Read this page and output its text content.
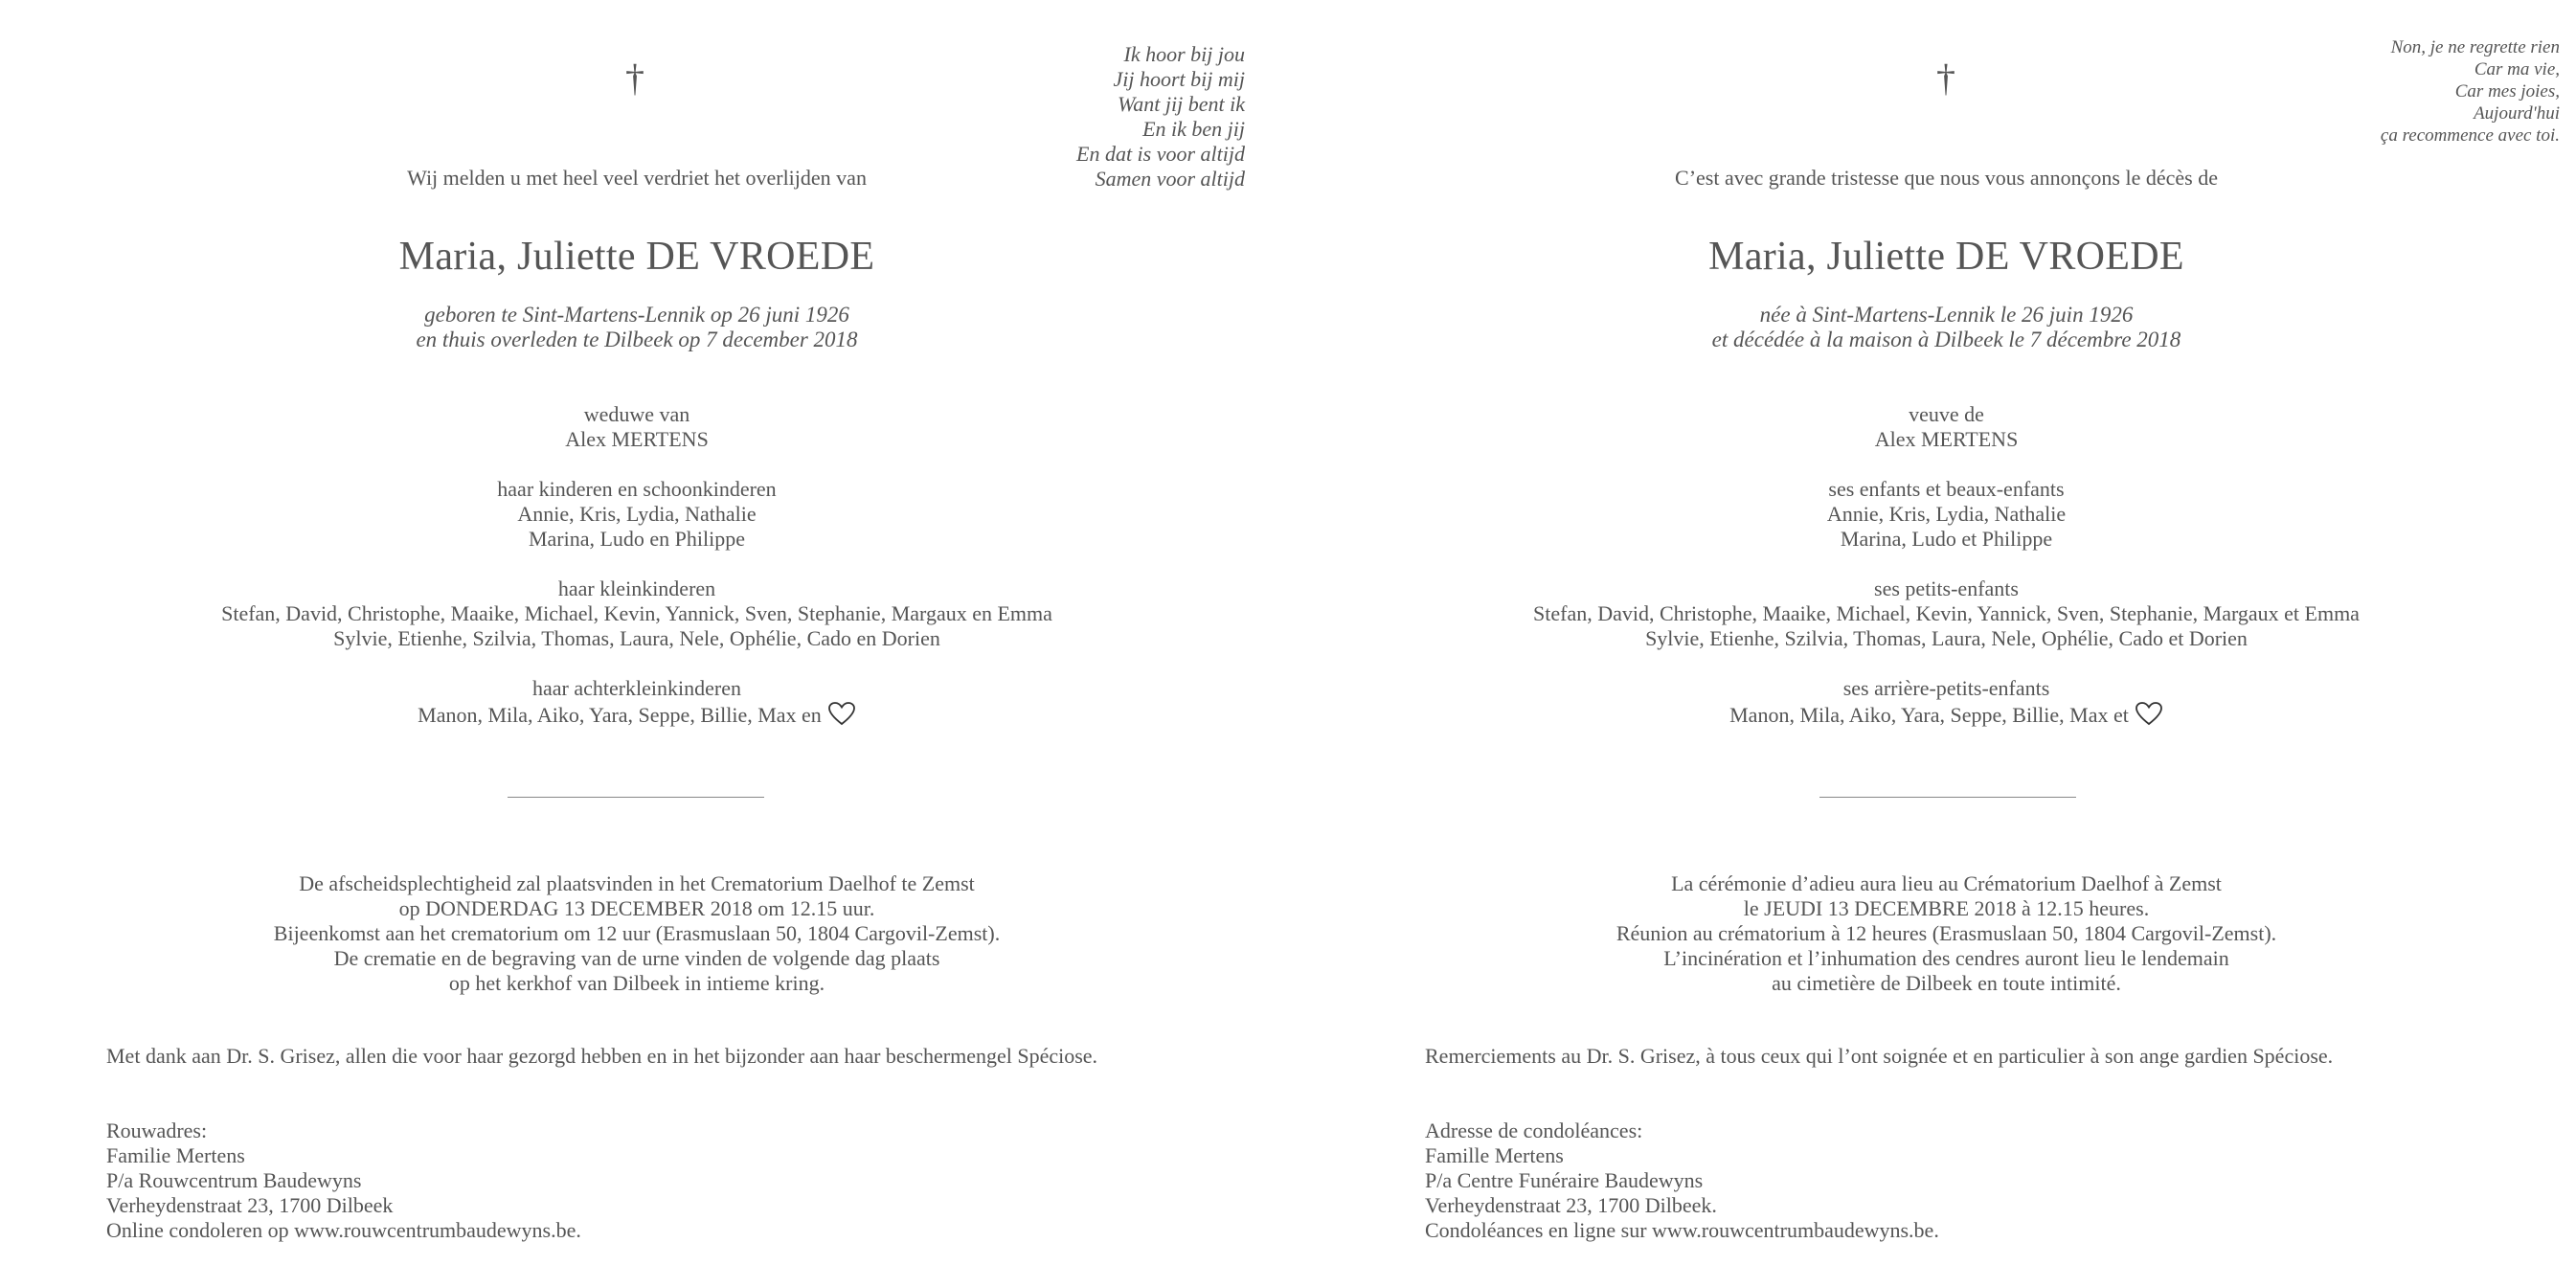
†
Ik hoor bij jou
Jij hoort bij mij
Want jij bent ik
En ik ben jij
En dat is voor altijd
Samen voor altijd
Wij melden u met heel veel verdriet het overlijden van
Maria, Juliette DE VROEDE
geboren te Sint-Martens-Lennik op 26 juni 1926
en thuis overleden te Dilbeek op 7 december 2018
weduwe van
Alex MERTENS
haar kinderen en schoonkinderen
Annie, Kris, Lydia, Nathalie
Marina, Ludo en Philippe
haar kleinkinderen
Stefan, David, Christophe, Maaike, Michael, Kevin, Yannick, Sven, Stephanie, Margaux en Emma
Sylvie, Etienhe, Szilvia, Thomas, Laura, Nele, Ophélie, Cado en Dorien
haar achterkleinkinderen
Manon, Mila, Aiko, Yara, Seppe, Billie, Max en
De afscheidsplechtigheid zal plaatsvinden in het Crematorium Daelhof te Zemst
op DONDERDAG 13 DECEMBER 2018 om 12.15 uur.
Bijeenkomst aan het crematorium om 12 uur (Erasmuslaan 50, 1804 Cargovil-Zemst).
De crematie en de begraving van de urne vinden de volgende dag plaats
op het kerkhof van Dilbeek in intieme kring.
Met dank aan Dr. S. Grisez, allen die voor haar gezorgd hebben en in het bijzonder aan haar beschermengel Spéciose.
Rouwadres:
Familie Mertens
P/a Rouwcentrum Baudewyns
Verheydenstraat 23, 1700 Dilbeek
Online condoleren op www.rouwcentrumbaudewyns.be.
†
Non, je ne regrette rien
Car ma vie,
Car mes joies,
Aujourd'hui
ça recommence avec toi.
C’est avec grande tristesse que nous vous annonçons le décès de
Maria, Juliette DE VROEDE
née à Sint-Martens-Lennik le 26 juin 1926
et décédée à la maison à Dilbeek le 7 décembre 2018
veuve de
Alex MERTENS
ses enfants et beaux-enfants
Annie, Kris, Lydia, Nathalie
Marina, Ludo et Philippe
ses petits-enfants
Stefan, David, Christophe, Maaike, Michael, Kevin, Yannick, Sven, Stephanie, Margaux et Emma
Sylvie, Etienhe, Szilvia, Thomas, Laura, Nele, Ophélie, Cado et Dorien
ses arrière-petits-enfants
Manon, Mila, Aiko, Yara, Seppe, Billie, Max et
La cérémonie d’adieu aura lieu au Crématorium Daelhof à Zemst
le JEUDI 13 DECEMBRE 2018 à 12.15 heures.
Réunion au crématorium à 12 heures (Erasmuslaan 50, 1804 Cargovil-Zemst).
L’incinération et l’inhumation des cendres auront lieu le lendemain
au cimetière de Dilbeek en toute intimité.
Remerciements au Dr. S. Grisez, à tous ceux qui l’ont soignée et en particulier à son ange gardien Spéciose.
Adresse de condoléances:
Famille Mertens
P/a Centre Funéraire Baudewyns
Verheydenstraat 23, 1700 Dilbeek.
Condoléances en ligne sur www.rouwcentrumbaudewyns.be.
